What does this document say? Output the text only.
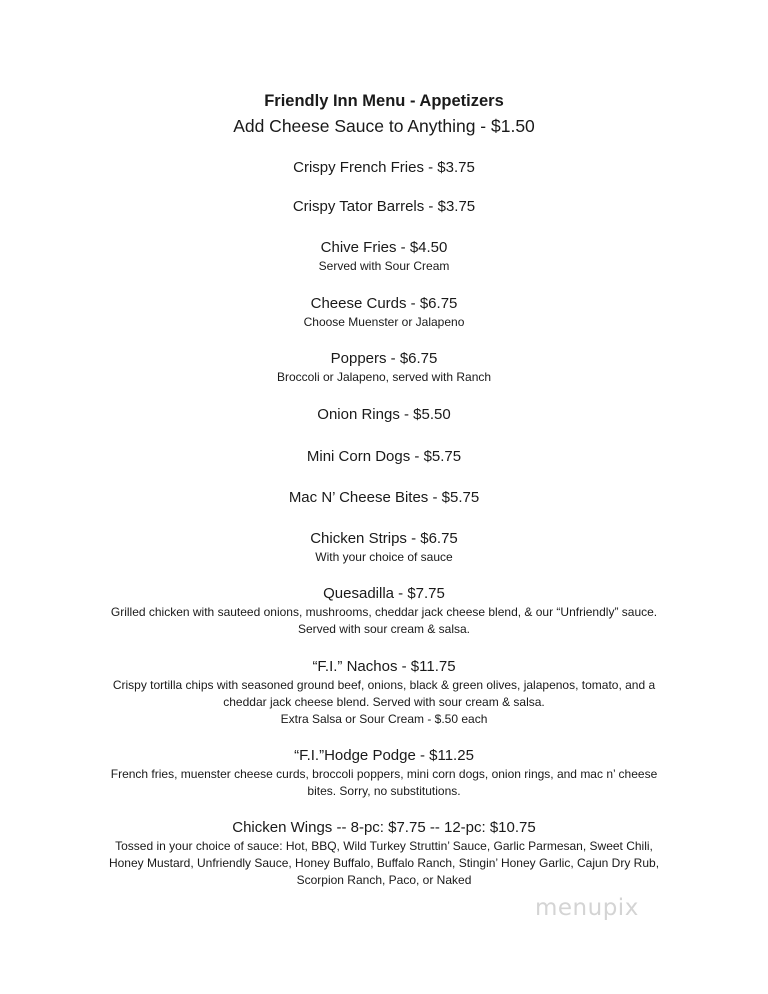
Friendly Inn Menu - Appetizers
Add Cheese Sauce to Anything - $1.50
Crispy French Fries - $3.75
Crispy Tator Barrels - $3.75
Chive Fries - $4.50
Served with Sour Cream
Cheese Curds - $6.75
Choose Muenster or Jalapeno
Poppers - $6.75
Broccoli or Jalapeno, served with Ranch
Onion Rings - $5.50
Mini Corn Dogs - $5.75
Mac N’ Cheese Bites - $5.75
Chicken Strips - $6.75
With your choice of sauce
Quesadilla - $7.75
Grilled chicken with sauteed onions, mushrooms, cheddar jack cheese blend, & our “Unfriendly” sauce.
Served with sour cream & salsa.
“F.I.” Nachos - $11.75
Crispy tortilla chips with seasoned ground beef, onions, black & green olives, jalapenos, tomato, and a
cheddar jack cheese blend. Served with sour cream & salsa.
Extra Salsa or Sour Cream - $.50 each
“F.I.”Hodge Podge - $11.25
French fries, muenster cheese curds, broccoli poppers, mini corn dogs, onion rings, and mac n’ cheese
bites. Sorry, no substitutions.
Chicken Wings -- 8-pc: $7.75 -- 12-pc: $10.75
Tossed in your choice of sauce: Hot, BBQ, Wild Turkey Struttin’ Sauce, Garlic Parmesan, Sweet Chili,
Honey Mustard, Unfriendly Sauce, Honey Buffalo, Buffalo Ranch, Stingin’ Honey Garlic, Cajun Dry Rub,
Scorpion Ranch, Paco, or Naked
menupix
